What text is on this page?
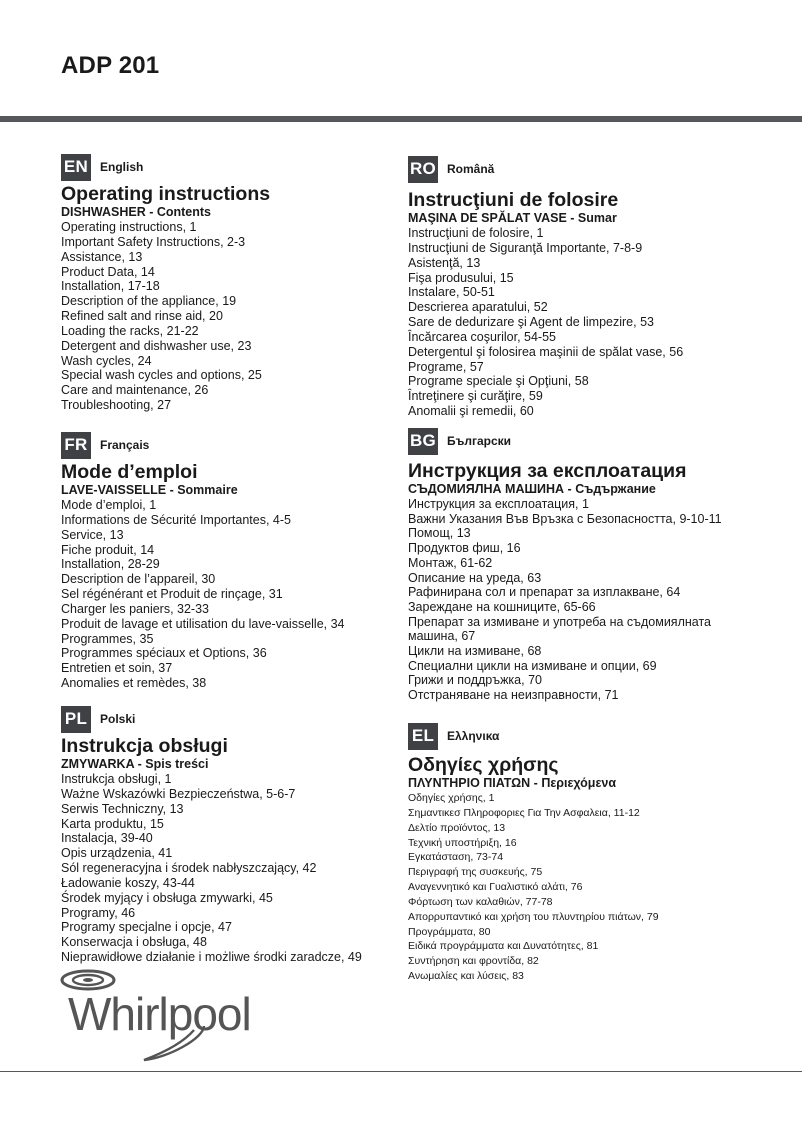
ADP 201
EN English
Operating instructions
DISHWASHER - Contents
Operating instructions, 1
Important Safety Instructions, 2-3
Assistance, 13
Product Data, 14
Installation, 17-18
Description of the appliance, 19
Refined salt and rinse aid, 20
Loading the racks, 21-22
Detergent and dishwasher use, 23
Wash cycles, 24
Special wash cycles and options, 25
Care and maintenance, 26
Troubleshooting, 27
FR Français
Mode d’emploi
LAVE-VAISSELLE - Sommaire
Mode d’emploi, 1
Informations de Sécurité Importantes, 4-5
Service, 13
Fiche produit, 14
Installation, 28-29
Description de l’appareil, 30
Sel régénérant et Produit de rinçage, 31
Charger les paniers, 32-33
Produit de lavage et utilisation du lave-vaisselle, 34
Programmes, 35
Programmes spéciaux et Options, 36
Entretien et soin, 37
Anomalies et remèdes, 38
PL	Polski
Instrukcja obsługi
ZMYWARKA - Spis treści
Instrukcja obsługi, 1
Ważne Wskazówki Bezpieczeństwa, 5-6-7
Serwis Techniczny, 13
Karta produktu, 15
Instalacja, 39-40
Opis urządzenia, 41
Sól regeneracyjna i środek nabłyszczający, 42
Ładowanie koszy, 43-44
Środek myjący i obsługa zmywarki, 45
Programy, 46
Programy specjalne i opcje, 47
Konserwacja i obsługa, 48
Nieprawidłowe działanie i możliwe środki zaradcze, 49
RO Română
Instrucţiuni de folosire
MAŞINA DE SPĂLAT VASE - Sumar
Instrucţiuni de folosire, 1
Instrucţiuni de Siguranţă Importante, 7-8-9
Asistenţă, 13
Fişa produsului, 15
Instalare, 50-51
Descrierea aparatului, 52
Sare de dedurizare şi Agent de limpezire, 53
Încărcarea coşurilor, 54-55
Detergentul şi folosirea maşinii de spălat vase, 56
Programe, 57
Programe speciale şi Opţiuni, 58
Întreţinere şi curăţire, 59
Anomalii şi remedii, 60
BG Български
Инструкция за експлоатация
СЪДОМИЯЛНА МАШИНА - Съдържание
Инструкция за експлоатация, 1
Важни Указания Във Връзка с Безопасността, 9-10-11
Помощ, 13
Продуктов фиш, 16
Монтаж, 61-62
Описание на уреда, 63
Рафинирана сол и препарат за изплакване, 64
Зареждане на кошниците, 65-66
Препарат за измиване и употреба на съдомиялната
машина, 67
Цикли на измиване, 68
Специални цикли на измиване и опции, 69
Грижи и поддръжка, 70
Отстраняване на неизправности, 71
EL	Ελληνικα
Οδηγίες χρήσης
ΠΛΥΝΤΗΡΙΟ ΠΙΑΤΩΝ - Περιεχόμενα
Οδηγίες χρήσης, 1
Σημαντικεσ Πληροφοριες Για Την Ασφαλεια, 11-12
Δελτίο προϊόντος, 13
Τεχνική υποστήριξη, 16
Εγκατάσταση, 73-74
Περιγραφή της συσκευής, 75
Αναγεννητικό και Γυαλιστικό αλάτι, 76
Φόρτωση των καλαθιών, 77-78
Απορρυπαντικό και χρήση του πλυντηρίου πιάτων, 79
Προγράμματα, 80
Ειδικά προγράμματα και Δυνατότητες, 81
Συντήρηση και φροντίδα, 82
Ανωμαλίες και λύσεις, 83
Whirlpool
